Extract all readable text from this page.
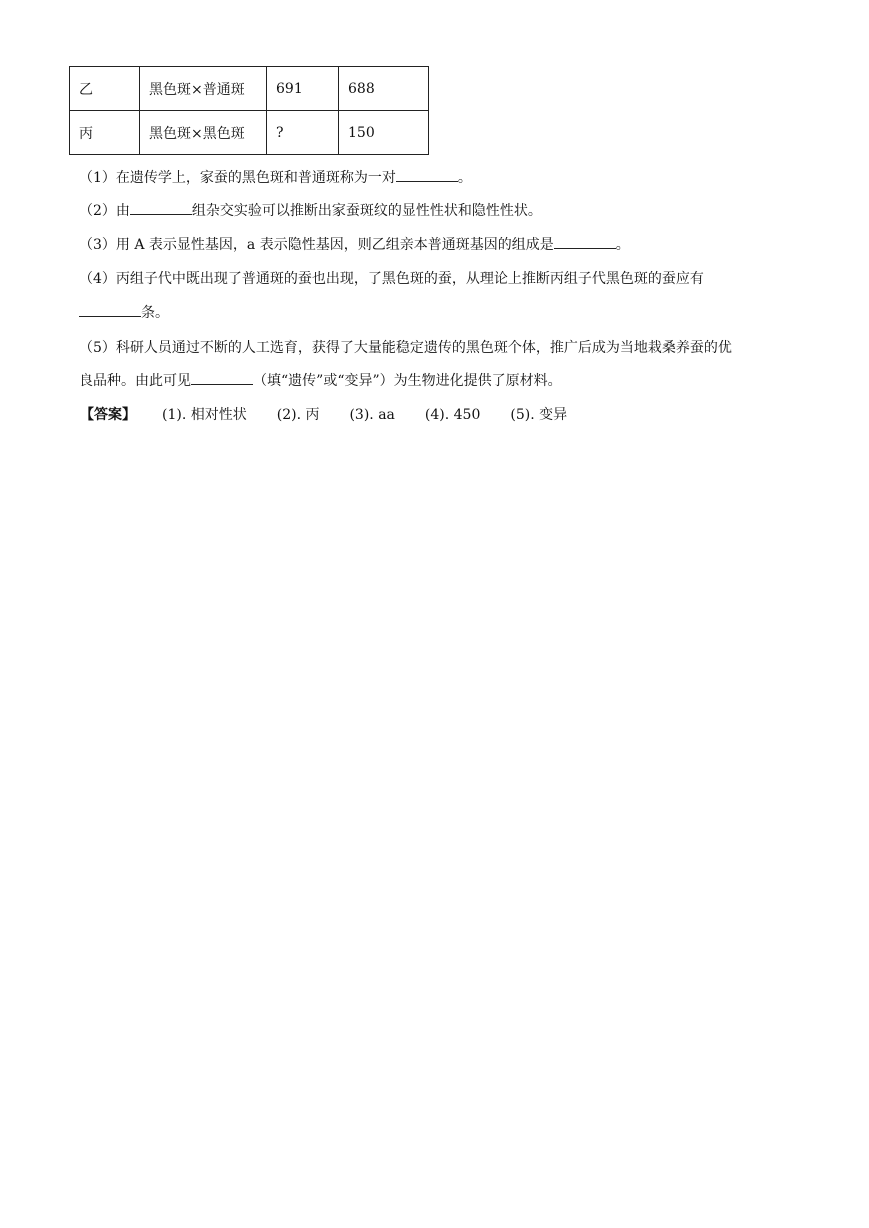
乙	黑色斑×普通斑	691	688
丙	黑色斑×黑色斑	?	150
（1）在遗传学上，家蚕的黑色斑和普通斑称为一对	。
（2）由	组杂交实验可以推断出家蚕斑纹的显性性状和隐性性状。
（3）用 A 表示显性基因，a 表示隐性基因，则乙组亲本普通斑基因的组成是	。
（4）丙组子代中既出现了普通斑的蚕也出现，了黑色斑的蚕，从理论上推断丙组子代黑色斑的蚕应有
条。
（5）科研人员通过不断的人工选育，获得了大量能稳定遗传的黑色斑个体，推广后成为当地栽桑养蚕的优
良品种。由此可见	（填“遗传”或“变异”）为生物进化提供了原材料。
【答案】 (1). 相对性状 (2). 丙 (3). aa (4). 450 (5). 变异
